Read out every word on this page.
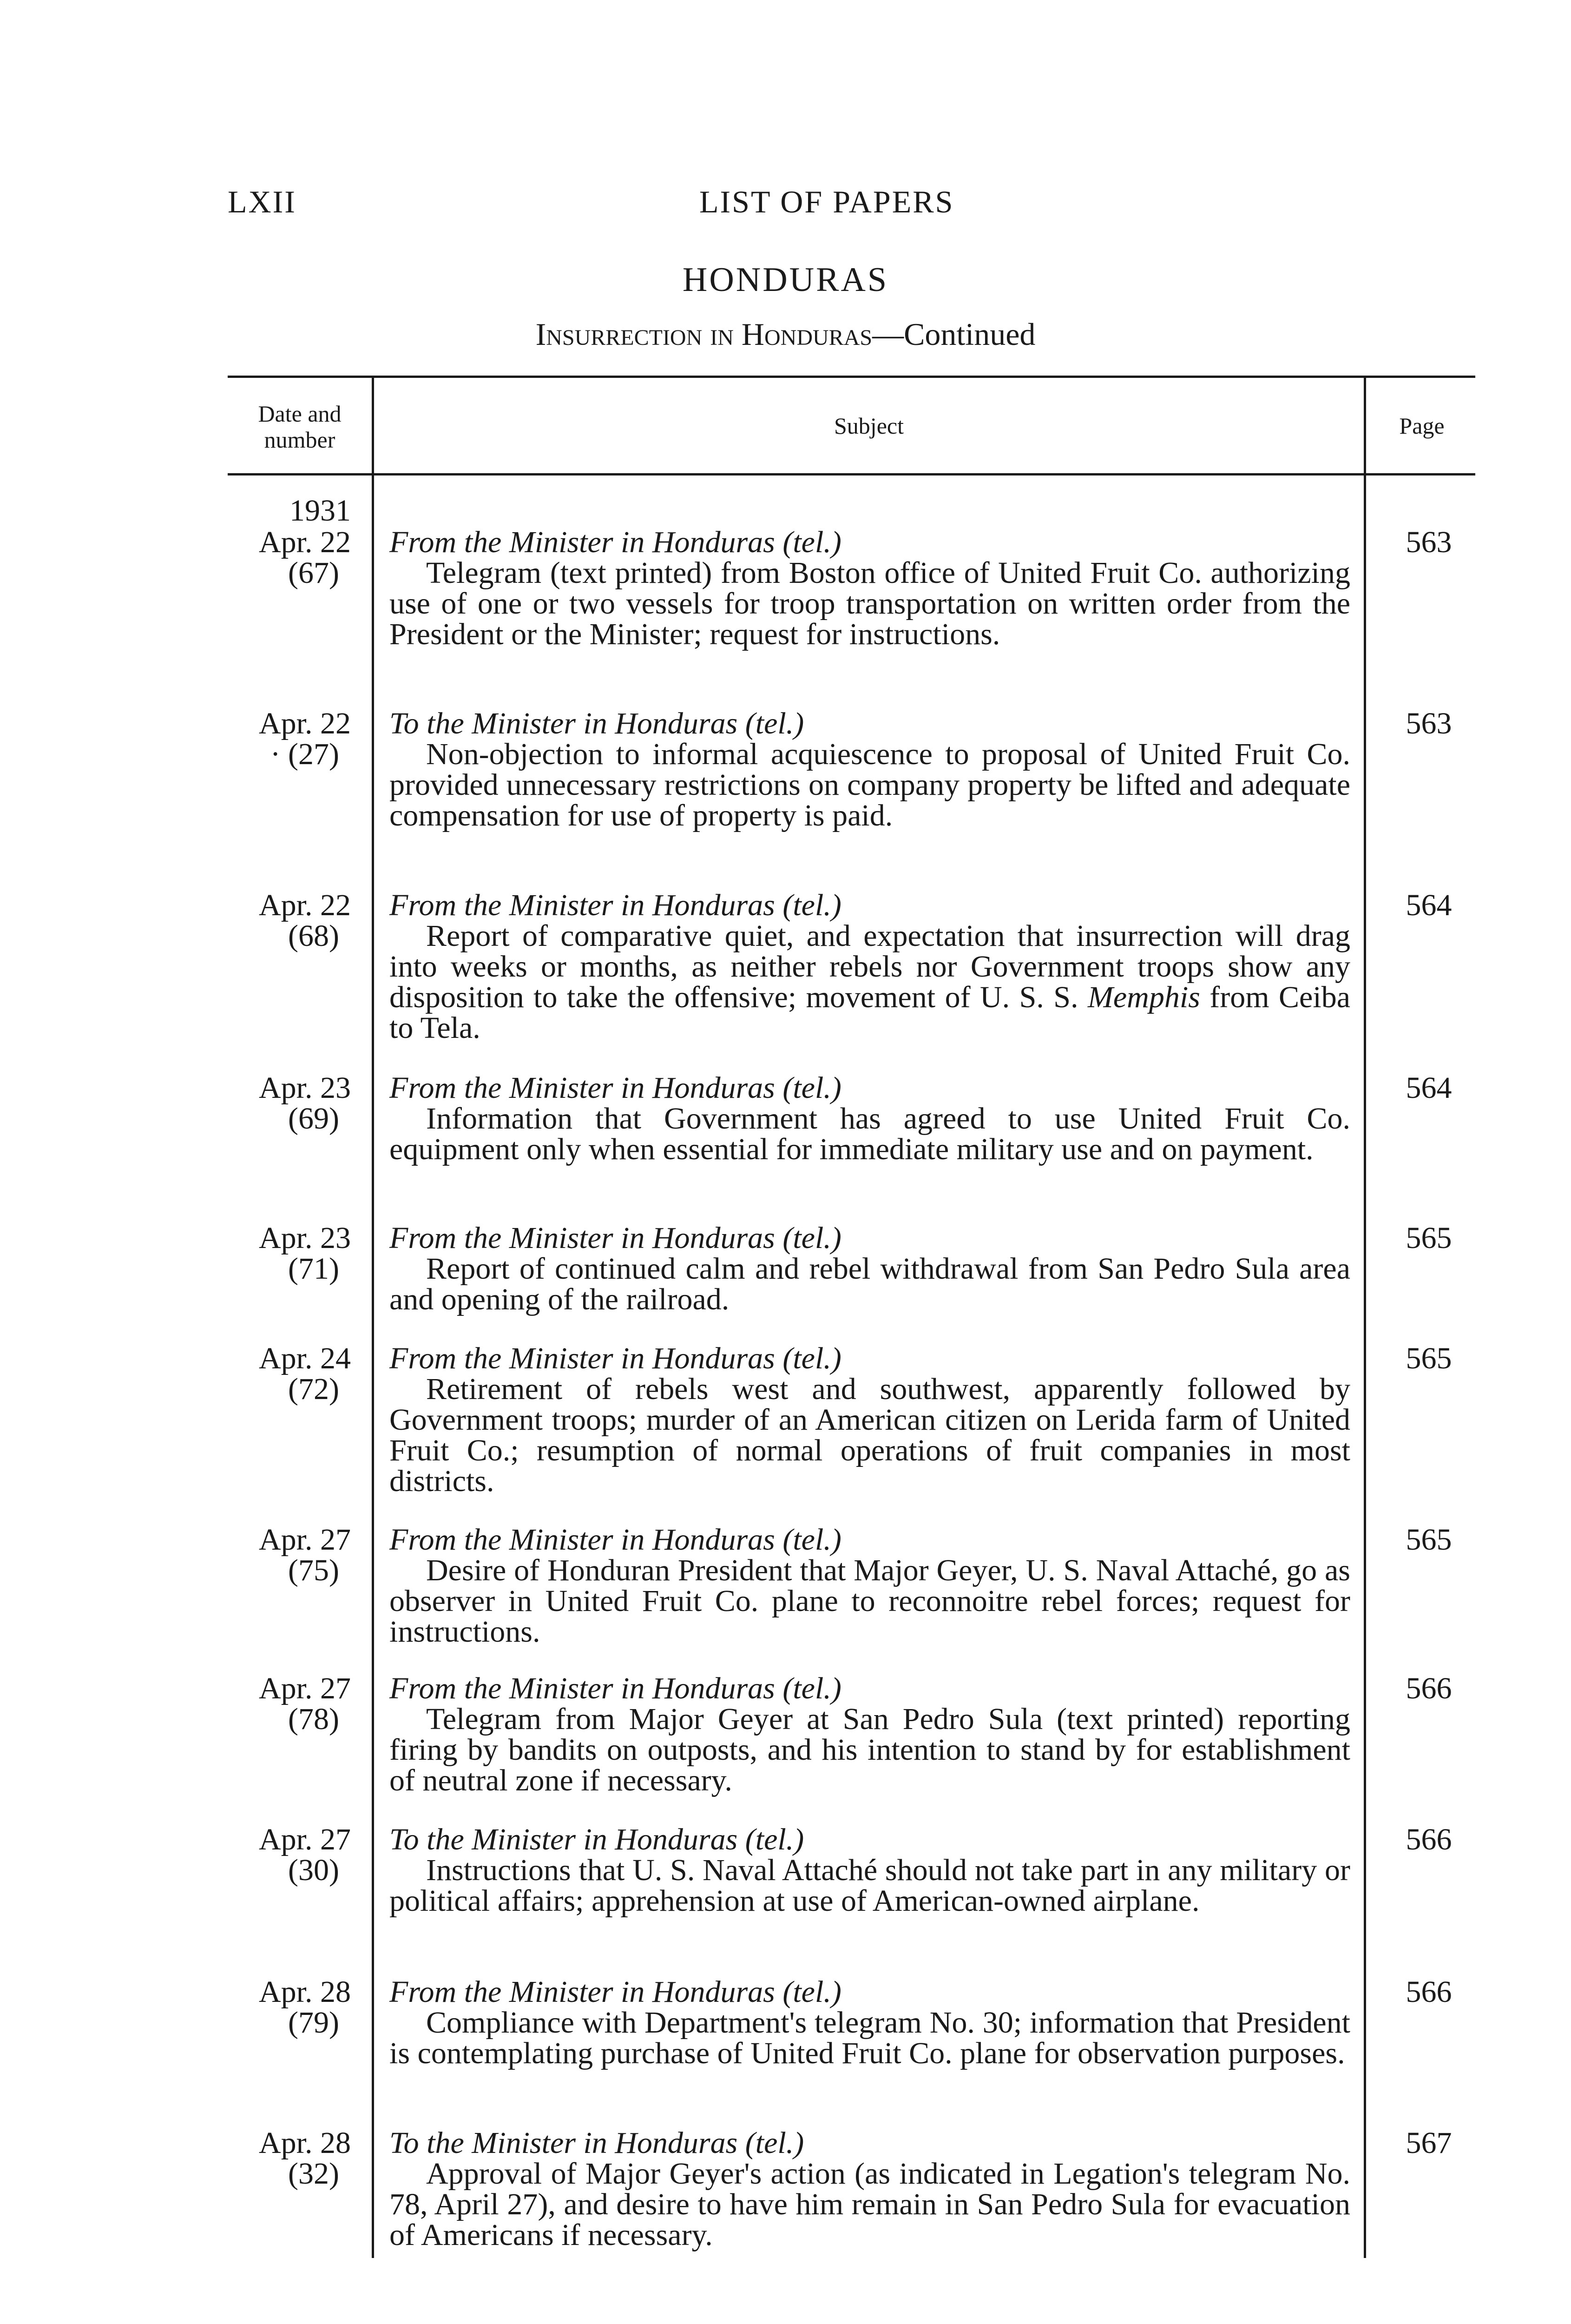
LXII	LIST OF PAPERS
HONDURAS
Insurrection in Honduras—Continued
Date and
number
Subject	Page
1931
Apr. 22
(67)
From the Minister in Honduras (tel.)
Telegram (text printed) from Boston office of United Fruit Co. authorizing use of one or two vessels for troop transportation on written order from the President or the Minister; request for instructions.
563
Apr. 22
· (27)
To the Minister in Honduras (tel.)
Non-objection to informal acquiescence to proposal of United Fruit Co. provided unnecessary restrictions on company property be lifted and adequate compensation for use of property is paid.
563
Apr. 22
(68)
From the Minister in Honduras (tel.)
Report of comparative quiet, and expectation that insurrection will drag into weeks or months, as neither rebels nor Government troops show any disposition to take the offensive; movement of U. S. S. Memphis from Ceiba to Tela.
564
Apr. 23
(69)
From the Minister in Honduras (tel.)
Information that Government has agreed to use United Fruit Co. equipment only when essential for immediate military use and on payment.
564
Apr. 23
(71)
From the Minister in Honduras (tel.)
Report of continued calm and rebel withdrawal from San Pedro Sula area and opening of the railroad.
565
Apr. 24
(72)
From the Minister in Honduras (tel.)
Retirement of rebels west and southwest, apparently followed by Government troops; murder of an American citizen on Lerida farm of United Fruit Co.; resumption of normal operations of fruit companies in most districts.
565
Apr. 27
(75)
From the Minister in Honduras (tel.)
Desire of Honduran President that Major Geyer, U. S. Naval Attaché, go as observer in United Fruit Co. plane to reconnoitre rebel forces; request for instructions.
565
Apr. 27
(78)
From the Minister in Honduras (tel.)
Telegram from Major Geyer at San Pedro Sula (text printed) reporting firing by bandits on outposts, and his intention to stand by for establishment of neutral zone if necessary.
566
Apr. 27
(30)
To the Minister in Honduras (tel.)
Instructions that U. S. Naval Attaché should not take part in any military or political affairs; apprehension at use of American-owned airplane.
566
Apr. 28
(79)
From the Minister in Honduras (tel.)
Compliance with Department's telegram No. 30; information that President is contemplating purchase of United Fruit Co. plane for observation purposes.
566
Apr. 28
(32)
To the Minister in Honduras (tel.)
Approval of Major Geyer's action (as indicated in Legation's telegram No. 78, April 27), and desire to have him remain in San Pedro Sula for evacuation of Americans if necessary.
567
